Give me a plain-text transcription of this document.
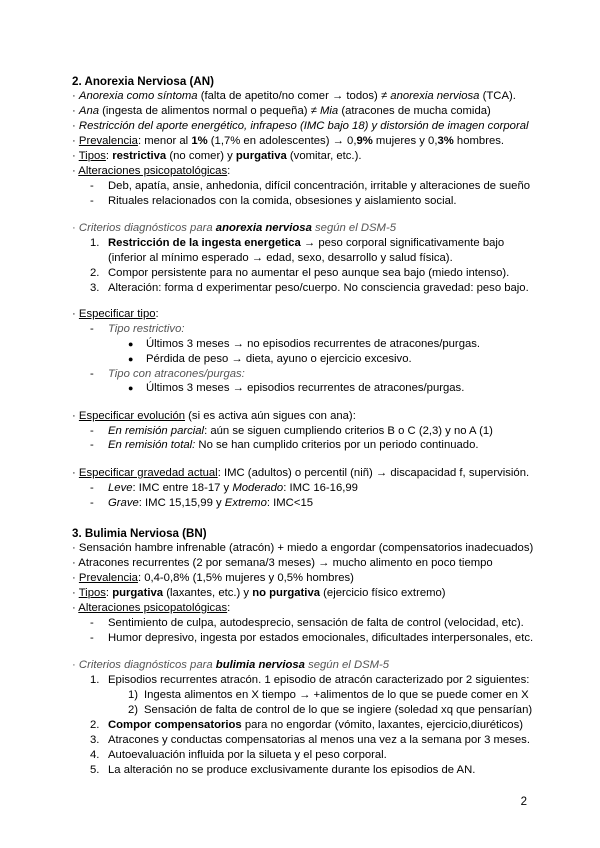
2. Anorexia Nerviosa (AN)
· Anorexia como síntoma (falta de apetito/no comer → todos) ≠ anorexia nerviosa (TCA).
· Ana (ingesta de alimentos normal o pequeña) ≠ Mia (atracones de mucha comida)
· Restricción del aporte energético, infrapeso (IMC bajo 18) y distorsión de imagen corporal
· Prevalencia: menor al 1% (1,7% en adolescentes) → 0,9% mujeres y 0,3% hombres.
· Tipos: restrictiva (no comer) y purgativa (vomitar, etc.).
· Alteraciones psicopatológicas:
- Deb, apatía, ansie, anhedonia, difícil concentración, irritable y alteraciones de sueño
- Rituales relacionados con la comida, obsesiones y aislamiento social.
· Criterios diagnósticos para anorexia nerviosa según el DSM-5
1. Restricción de la ingesta energetica → peso corporal significativamente bajo
(inferior al mínimo esperado → edad, sexo, desarrollo y salud física).
2. Compor persistente para no aumentar el peso aunque sea bajo (miedo intenso).
3. Alteración: forma d experimentar peso/cuerpo. No consciencia gravedad: peso bajo.
· Especificar tipo:
- Tipo restrictivo:
● Últimos 3 meses → no episodios recurrentes de atracones/purgas.
● Pérdida de peso → dieta, ayuno o ejercicio excesivo.
- Tipo con atracones/purgas:
● Últimos 3 meses → episodios recurrentes de atracones/purgas.
· Especificar evolución (si es activa aún sigues con ana):
- En remisión parcial: aún se siguen cumpliendo criterios B o C (2,3) y no A (1)
- En remisión total: No se han cumplido criterios por un periodo continuado.
· Especificar gravedad actual: IMC (adultos) o percentil (niñ) → discapacidad f, supervisión.
- Leve: IMC entre 18-17 y Moderado: IMC 16-16,99
- Grave: IMC 15,15,99 y Extremo: IMC<15
3. Bulimia Nerviosa (BN)
· Sensación hambre infrenable (atracón) + miedo a engordar (compensatorios inadecuados)
· Atracones recurrentes (2 por semana/3 meses) → mucho alimento en poco tiempo
· Prevalencia: 0,4-0,8% (1,5% mujeres y 0,5% hombres)
· Tipos: purgativa (laxantes, etc.) y no purgativa (ejercicio físico extremo)
· Alteraciones psicopatológicas:
- Sentimiento de culpa, autodesprecio, sensación de falta de control (velocidad, etc).
- Humor depresivo, ingesta por estados emocionales, dificultades interpersonales, etc.
· Criterios diagnósticos para bulimia nerviosa según el DSM-5
1. Episodios recurrentes atracón. 1 episodio de atracón caracterizado por 2 siguientes:
1) Ingesta alimentos en X tiempo → +alimentos de lo que se puede comer en X
2) Sensación de falta de control de lo que se ingiere (soledad xq que pensarían)
2. Compor compensatorios para no engordar (vómito, laxantes, ejercicio,diuréticos)
3. Atracones y conductas compensatorias al menos una vez a la semana por 3 meses.
4. Autoevaluación influida por la silueta y el peso corporal.
5. La alteración no se produce exclusivamente durante los episodios de AN.
2
